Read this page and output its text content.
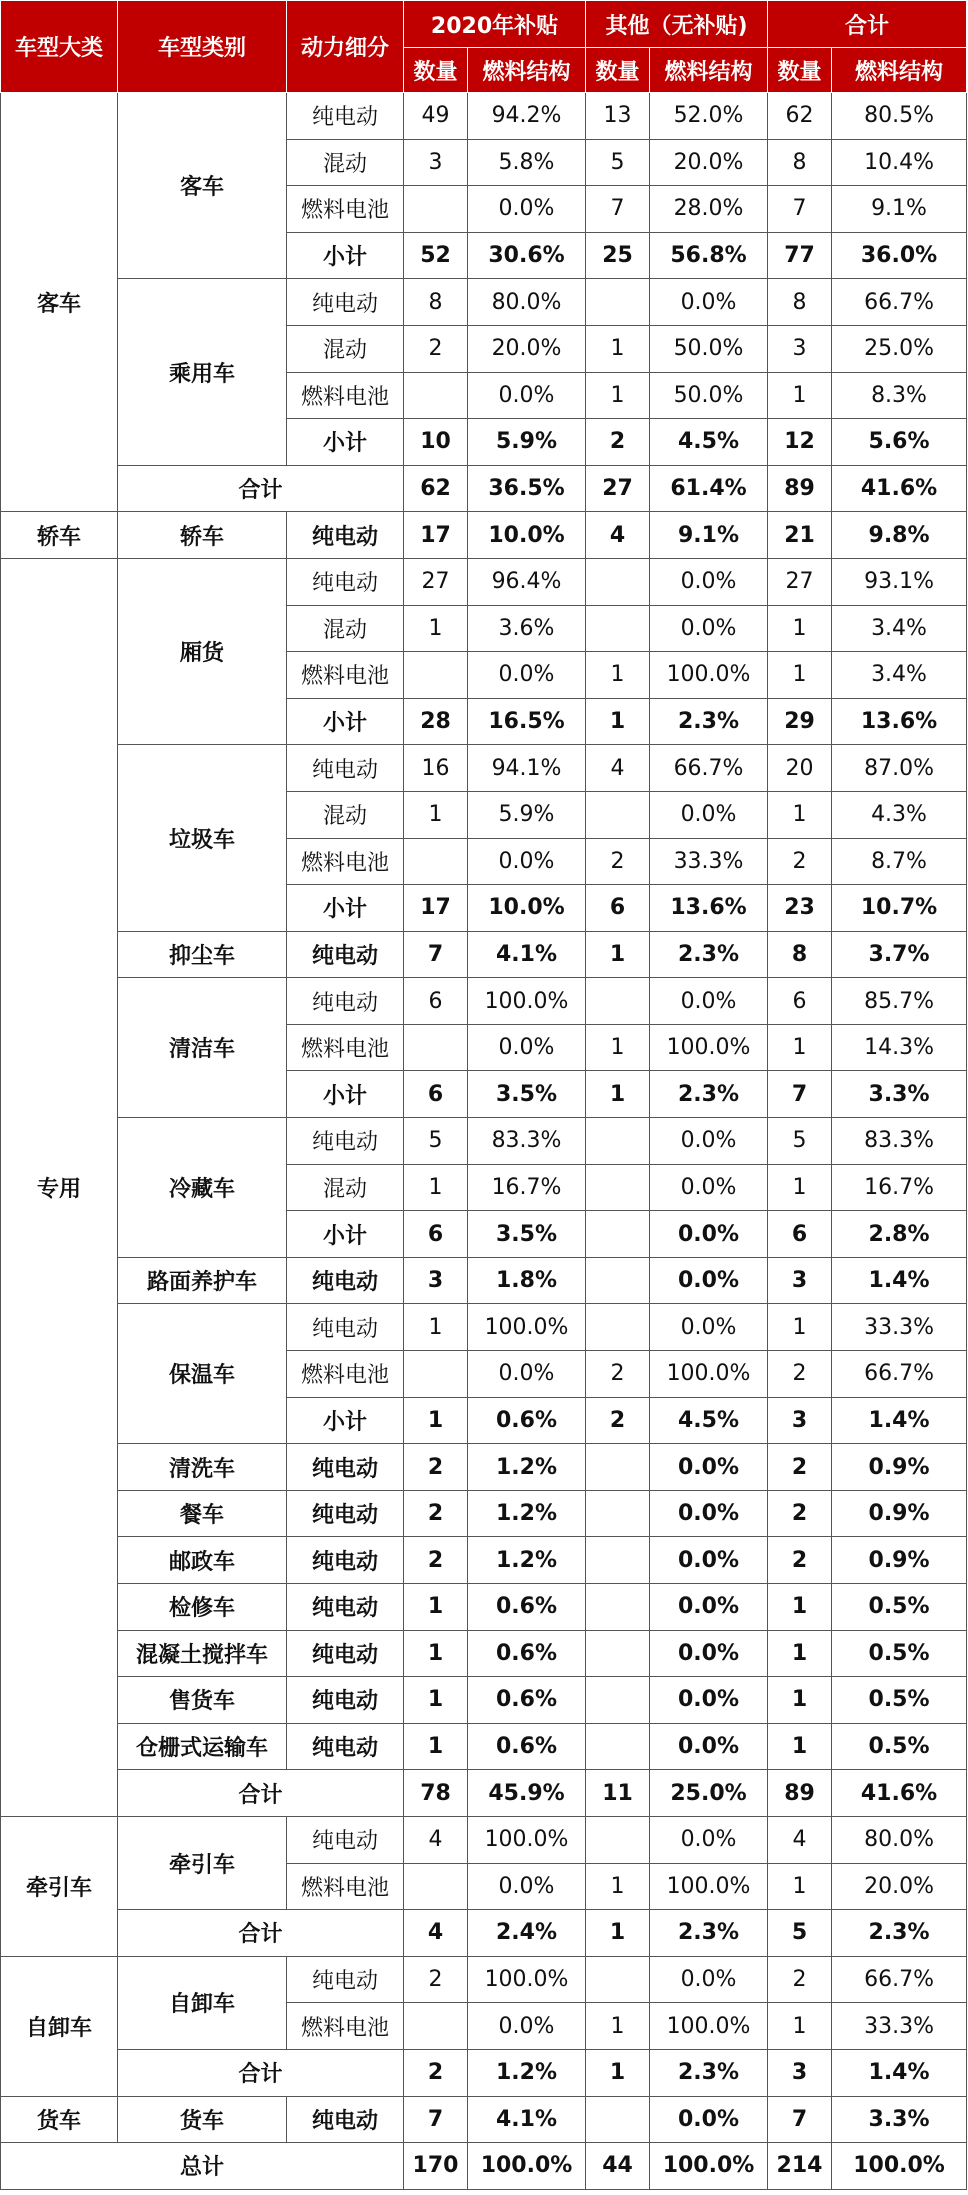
车型大类	车型类别	动力细分	2020年补贴		其他（无补贴)		合计	
			数量	燃料结构	数量	燃料结构	数量	燃料结构
客车	客车	纯电动	49	94.2%	13	52.0%	62	80.5%
		混动	3	5.8%	5	20.0%	8	10.4%
		燃料电池		0.0%	7	28.0%	7	9.1%
		小计	52	30.6%	25	56.8%	77	36.0%
	乘用车	纯电动	8	80.0%		0.0%	8	66.7%
		混动	2	20.0%	1	50.0%	3	25.0%
		燃料电池		0.0%	1	50.0%	1	8.3%
		小计	10	5.9%	2	4.5%	12	5.6%
	合计		62	36.5%	27	61.4%	89	41.6%
轿车	轿车	纯电动	17	10.0%	4	9.1%	21	9.8%
专用	厢货	纯电动	27	96.4%		0.0%	27	93.1%
		混动	1	3.6%		0.0%	1	3.4%
		燃料电池		0.0%	1	100.0%	1	3.4%
		小计	28	16.5%	1	2.3%	29	13.6%
	垃圾车	纯电动	16	94.1%	4	66.7%	20	87.0%
		混动	1	5.9%		0.0%	1	4.3%
		燃料电池		0.0%	2	33.3%	2	8.7%
		小计	17	10.0%	6	13.6%	23	10.7%
	抑尘车	纯电动	7	4.1%	1	2.3%	8	3.7%
	清洁车	纯电动	6	100.0%		0.0%	6	85.7%
		燃料电池		0.0%	1	100.0%	1	14.3%
		小计	6	3.5%	1	2.3%	7	3.3%
	冷藏车	纯电动	5	83.3%		0.0%	5	83.3%
		混动	1	16.7%		0.0%	1	16.7%
		小计	6	3.5%		0.0%	6	2.8%
	路面养护车	纯电动	3	1.8%		0.0%	3	1.4%
	保温车	纯电动	1	100.0%		0.0%	1	33.3%
		燃料电池		0.0%	2	100.0%	2	66.7%
		小计	1	0.6%	2	4.5%	3	1.4%
	清洗车	纯电动	2	1.2%		0.0%	2	0.9%
	餐车	纯电动	2	1.2%		0.0%	2	0.9%
	邮政车	纯电动	2	1.2%		0.0%	2	0.9%
	检修车	纯电动	1	0.6%		0.0%	1	0.5%
	混凝土搅拌车	纯电动	1	0.6%		0.0%	1	0.5%
	售货车	纯电动	1	0.6%		0.0%	1	0.5%
	仓栅式运输车	纯电动	1	0.6%		0.0%	1	0.5%
	合计		78	45.9%	11	25.0%	89	41.6%
牵引车	牵引车	纯电动	4	100.0%		0.0%	4	80.0%
		燃料电池		0.0%	1	100.0%	1	20.0%
	合计		4	2.4%	1	2.3%	5	2.3%
自卸车	自卸车	纯电动	2	100.0%		0.0%	2	66.7%
		燃料电池		0.0%	1	100.0%	1	33.3%
	合计		2	1.2%	1	2.3%	3	1.4%
货车	货车	纯电动	7	4.1%		0.0%	7	3.3%
总计			170	100.0%	44	100.0%	214	100.0%
